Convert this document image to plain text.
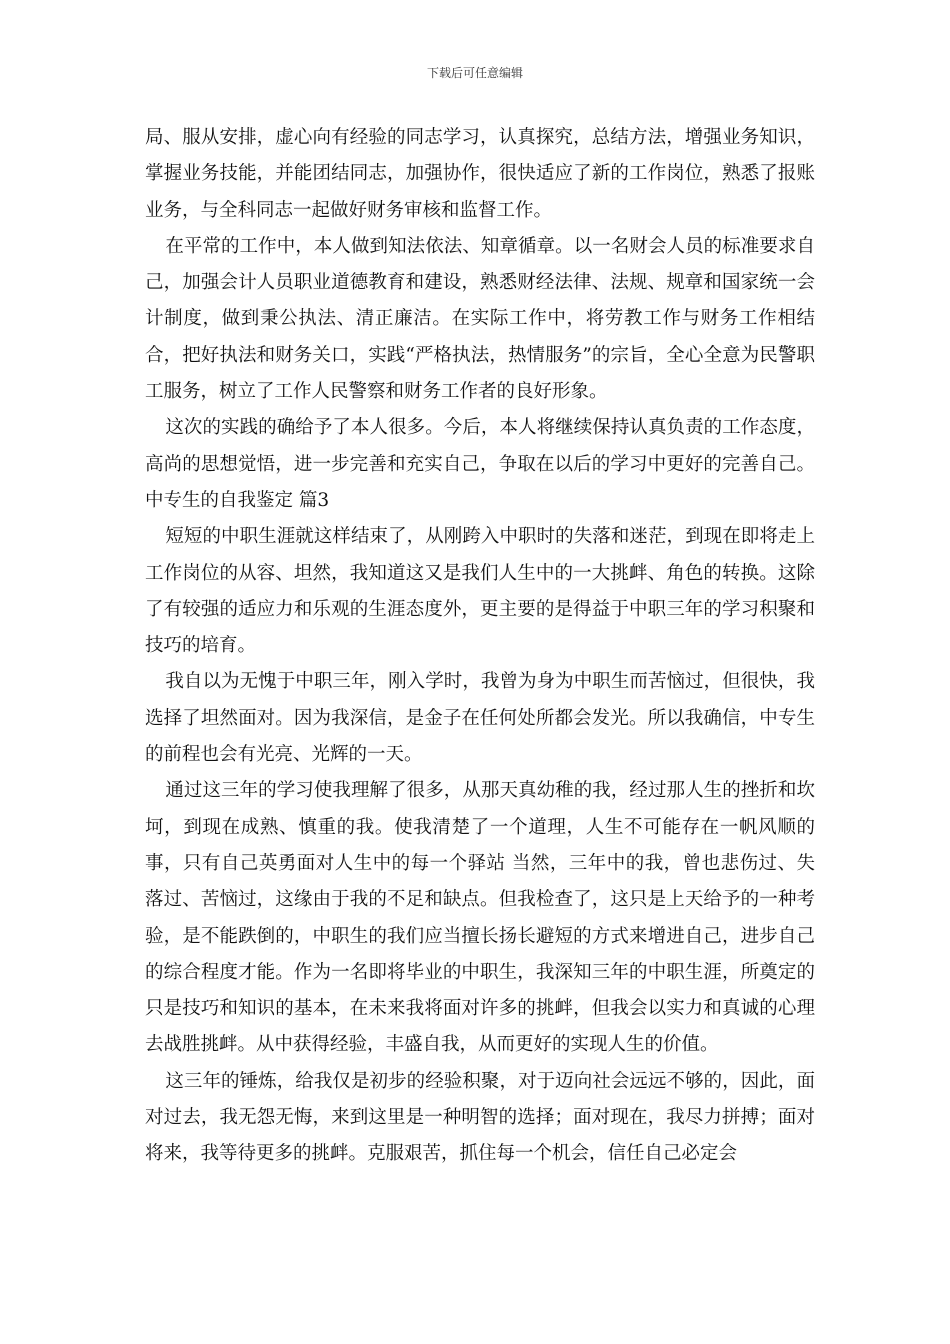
下载后可任意编辑

局、服从安排，虚心向有经验的同志学习，认真探究，总结方法，增强业务知识，掌握业务技能，并能团结同志，加强协作，很快适应了新的工作岗位，熟悉了报账业务，与全科同志一起做好财务审核和监督工作。

在平常的工作中，本人做到知法依法、知章循章。以一名财会人员的标准要求自己，加强会计人员职业道德教育和建设，熟悉财经法律、法规、规章和国家统一会计制度，做到秉公执法、清正廉洁。在实际工作中，将劳教工作与财务工作相结合，把好执法和财务关口，实践“严格执法，热情服务”的宗旨，全心全意为民警职工服务，树立了工作人民警察和财务工作者的良好形象。

这次的实践的确给予了本人很多。今后，本人将继续保持认真负责的工作态度，高尚的思想觉悟，进一步完善和充实自己，争取在以后的学习中更好的完善自己。中专生的自我鉴定 篇3

短短的中职生涯就这样结束了，从刚跨入中职时的失落和迷茫，到现在即将走上工作岗位的从容、坦然，我知道这又是我们人生中的一大挑衅、角色的转换。这除了有较强的适应力和乐观的生涯态度外，更主要的是得益于中职三年的学习积聚和技巧的培育。

我自以为无愧于中职三年，刚入学时，我曾为身为中职生而苦恼过，但很快，我选择了坦然面对。因为我深信，是金子在任何处所都会发光。所以我确信，中专生的前程也会有光亮、光辉的一天。

通过这三年的学习使我理解了很多，从那天真幼稚的我，经过那人生的挫折和坎坷，到现在成熟、慎重的我。使我清楚了一个道理，人生不可能存在一帆风顺的事，只有自己英勇面对人生中的每一个驿站 当然，三年中的我，曾也悲伤过、失落过、苦恼过，这缘由于我的不足和缺点。但我检查了，这只是上天给予的一种考验，是不能跌倒的，中职生的我们应当擅长扬长避短的方式来增进自己，进步自己的综合程度才能。作为一名即将毕业的中职生，我深知三年的中职生涯，所奠定的只是技巧和知识的基本，在未来我将面对许多的挑衅，但我会以实力和真诚的心理去战胜挑衅。从中获得经验，丰盛自我，从而更好的实现人生的价值。

这三年的锤炼，给我仅是初步的经验积聚，对于迈向社会远远不够的，因此，面对过去，我无怨无悔，来到这里是一种明智的选择；面对现在，我尽力拼搏；面对将来，我等待更多的挑衅。克服艰苦，抓住每一个机会，信任自己必定会
